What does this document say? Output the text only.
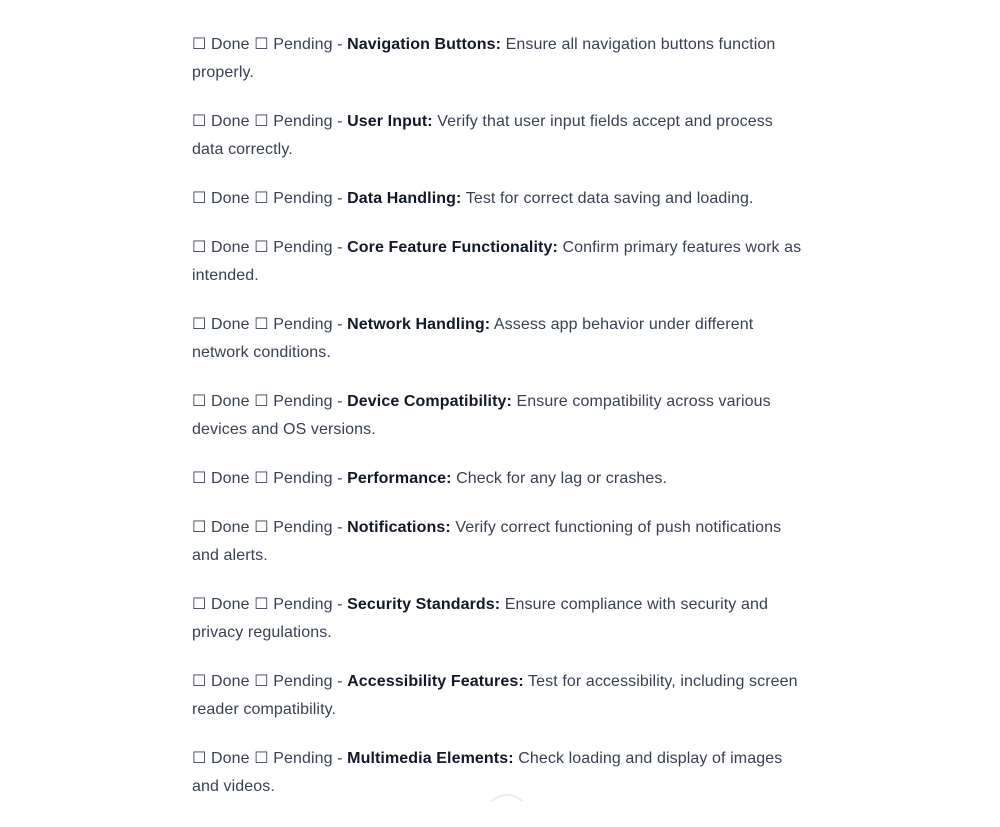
☐ Done ☐ Pending - Navigation Buttons: Ensure all navigation buttons function properly.

☐ Done ☐ Pending - User Input: Verify that user input fields accept and process data correctly.

☐ Done ☐ Pending - Data Handling: Test for correct data saving and loading.

☐ Done ☐ Pending - Core Feature Functionality: Confirm primary features work as intended.

☐ Done ☐ Pending - Network Handling: Assess app behavior under different network conditions.

☐ Done ☐ Pending - Device Compatibility: Ensure compatibility across various devices and OS versions.

☐ Done ☐ Pending - Performance: Check for any lag or crashes.

☐ Done ☐ Pending - Notifications: Verify correct functioning of push notifications and alerts.

☐ Done ☐ Pending - Security Standards: Ensure compliance with security and privacy regulations.

☐ Done ☐ Pending - Accessibility Features: Test for accessibility, including screen reader compatibility.

☐ Done ☐ Pending - Multimedia Elements: Check loading and display of images and videos.
